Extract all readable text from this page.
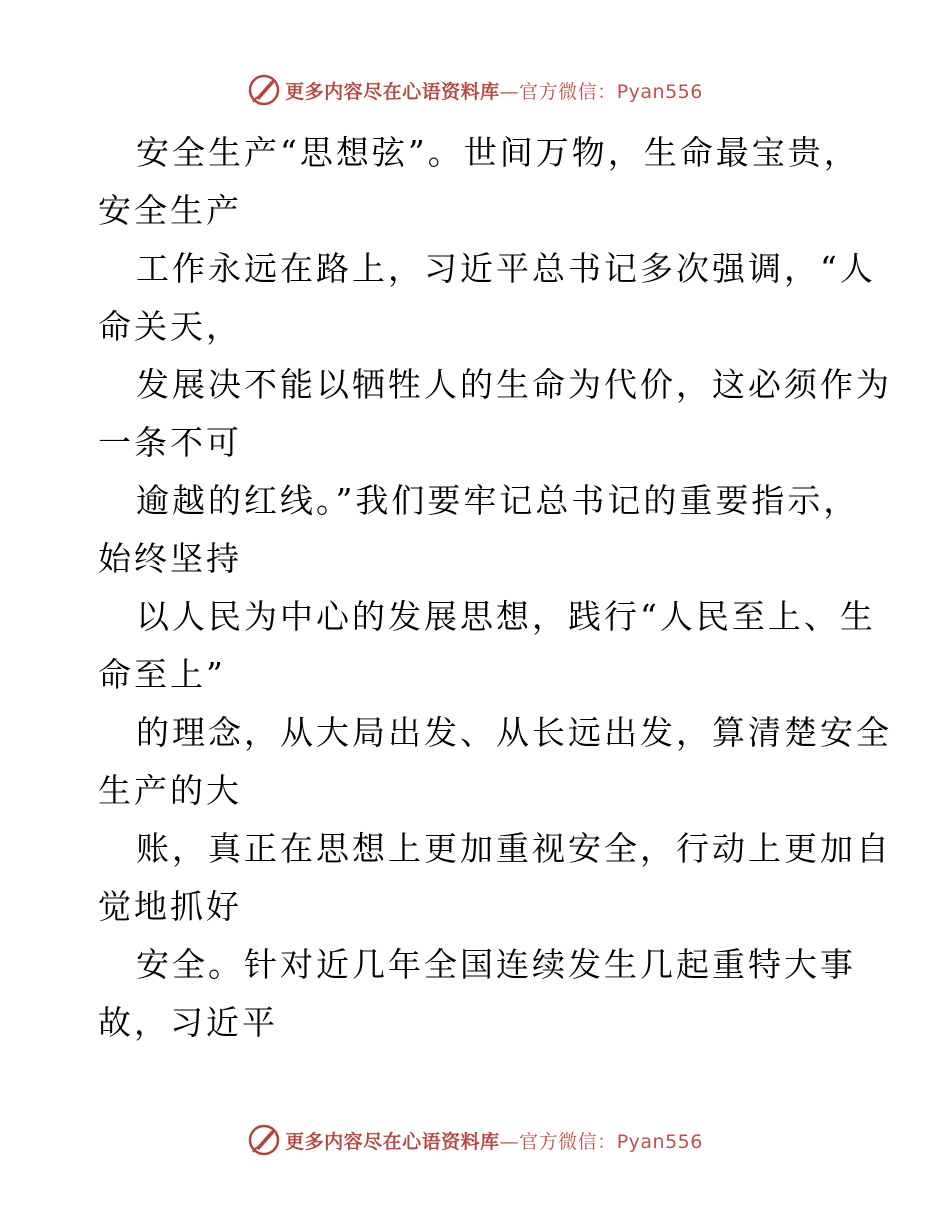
更多内容尽在心语资料库—官方微信：Pyan556
安全生产“思想弦”。世间万物，生命最宝贵，
安全生产
工作永远在路上，习近平总书记多次强调，“人
命关天，
发展决不能以牺牲人的生命为代价，这必须作为
一条不可
逾越的红线。”我们要牢记总书记的重要指示，
始终坚持
以人民为中心的发展思想，践行“人民至上、生
命至上”
的理念，从大局出发、从长远出发，算清楚安全
生产的大
账，真正在思想上更加重视安全，行动上更加自
觉地抓好
安全。针对近几年全国连续发生几起重特大事
故，习近平
更多内容尽在心语资料库—官方微信：Pyan556
